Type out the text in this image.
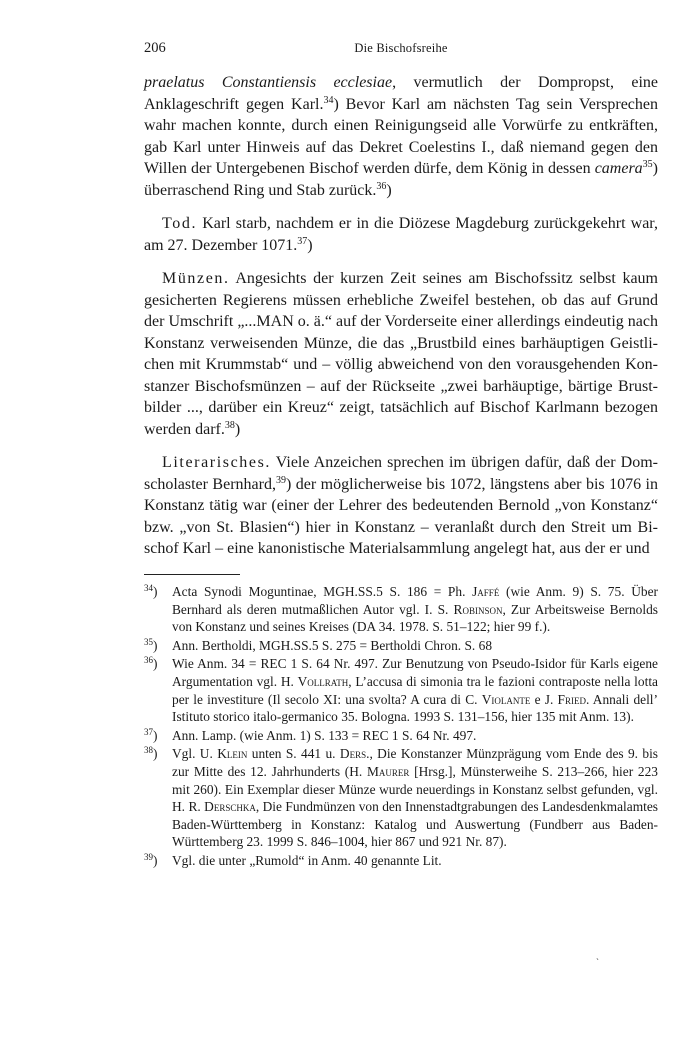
206	Die Bischofsreihe

praelatus Constantiensis ecclesiae, vermutlich der Dompropst, eine Anklageschrift gegen Karl.$^{34}$) Bevor Karl am nächsten Tag sein Versprechen wahr machen konnte, durch einen Reinigungseid alle Vorwürfe zu entkräften, gab Karl unter Hinweis auf das Dekret Coelestins I., daß niemand gegen den Willen der Untergebenen Bischof werden dürfe, dem König in dessen camera$^{35}$) überraschend Ring und Stab zurück.$^{36}$)

Tod. Karl starb, nachdem er in die Diözese Magdeburg zurückgekehrt war, am 27. Dezember 1071.37)

Münzen. Angesichts der kurzen Zeit seines am Bischofssitz selbst kaum gesicherten Regierens müssen erhebliche Zweifel bestehen, ob das auf Grund der Umschrift „...MAN o. ä.“ auf der Vorderseite einer allerdings eindeutig nach Konstanz verweisenden Münze, die das „Brustbild eines barhäuptigen Geistlichen mit Krummstab“ und – völlig abweichend von den vorausgehenden Konstanzer Bischofsmünzen – auf der Rückseite „zwei barhäuptige, bärtige Brustbilder ..., darüber ein Kreuz“ zeigt, tatsächlich auf Bischof Karlmann bezogen werden darf.$^{38}$)

Literarisches. Viele Anzeichen sprechen im übrigen dafür, daß der Domscholaster Bernhard,$^{39}$) der möglicherweise bis 1072, längstens aber bis 1076 in Konstanz tätig war (einer der Lehrer des bedeutenden Bernold „von Konstanz“ bzw. „von St. Blasien“) hier in Konstanz – veranlaßt durch den Streit um Bischof Karl – eine kanonistische Materialsammlung angelegt hat, aus der er und

$^{34}$)	Acta Synodi Moguntinae, MGH.SS.5 S. 186 = Ph. Jaffé (wie Anm. 9) S. 75. Über Bernhard als deren mutmaßlichen Autor vgl. I. S. Robinson, Zur Arbeitsweise Bernolds von Konstanz und seines Kreises (DA 34. 1978. S. 51–122; hier 99 f.).
$^{35}$)	Ann. Bertholdi, MGH.SS.5 S. 275 = Bertholdi Chron. S. 68
$^{36}$)	Wie Anm. 34 = REC 1 S. 64 Nr. 497. Zur Benutzung von Pseudo-Isidor für Karls eigene Argumentation vgl. H. Vollrath, L’accusa di simonia tra le fazioni contraposte nella lotta per le investiture (Il secolo XI: una svolta? A cura di C. Violante e J. Fried. Annali dell’ Istituto storico italo-germanico 35. Bologna. 1993 S. 131–156, hier 135 mit Anm. 13).
$^{37}$)	Ann. Lamp. (wie Anm. 1) S. 133 = REC 1 S. 64 Nr. 497.
$^{38}$)	Vgl. U. Klein unten S. 441 u. Ders., Die Konstanzer Münzprägung vom Ende des 9. bis zur Mitte des 12. Jahrhunderts (H. Maurer [Hrsg.], Münsterweihe S. 213–266, hier 223 mit 260). Ein Exemplar dieser Münze wurde neuerdings in Konstanz selbst gefunden, vgl. H. R. Derschka, Die Fundmünzen von den Innenstadtgrabungen des Landesdenkmalamtes Baden-Württemberg in Konstanz: Katalog und Auswertung (Fundberr aus Baden-Württemberg 23. 1999 S. 846–1004, hier 867 und 921 Nr. 87).
$^{39}$)	Vgl. die unter „Rumold“ in Anm. 40 genannte Lit.
ˎ
